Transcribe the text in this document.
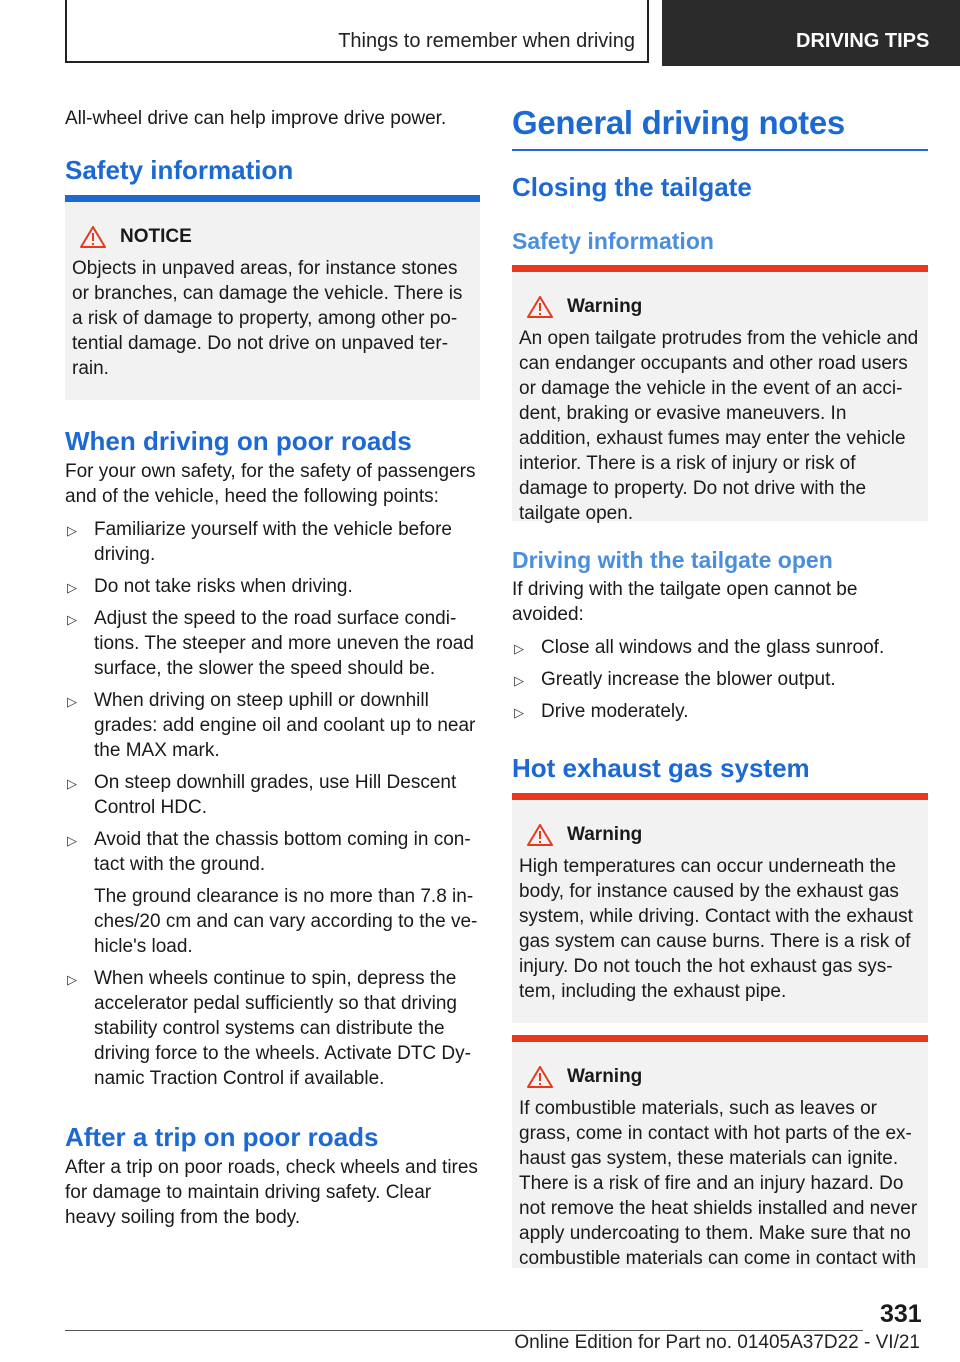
Things to remember when driving	DRIVING TIPS

All-wheel drive can help improve drive power.

Safety information
NOTICE

Objects in unpaved areas, for instance stones or branches, can damage the vehicle. There is a risk of damage to property, among other potential damage. Do not drive on unpaved terrain.

When driving on poor roads

For your own safety, for the safety of passengers and of the vehicle, heed the following points:

▷ Familiarize yourself with the vehicle before driving.
▷ Do not take risks when driving.
▷ Adjust the speed to the road surface conditions. The steeper and more uneven the road surface, the slower the speed should be.
▷ When driving on steep uphill or downhill grades: add engine oil and coolant up to near the MAX mark.
▷ On steep downhill grades, use Hill Descent Control HDC.
▷ Avoid that the chassis bottom coming in contact with the ground.
The ground clearance is no more than 7.8 inches/20 cm and can vary according to the vehicle's load.
▷ When wheels continue to spin, depress the accelerator pedal sufficiently so that driving stability control systems can distribute the driving force to the wheels. Activate DTC Dynamic Traction Control if available.
After a trip on poor roads

After a trip on poor roads, check wheels and tires for damage to maintain driving safety. Clear heavy soiling from the body.

General driving notes
Closing the tailgate
Safety information
Warning

An open tailgate protrudes from the vehicle and can endanger occupants and other road users or damage the vehicle in the event of an accident, braking or evasive maneuvers. In addition, exhaust fumes may enter the vehicle interior. There is a risk of injury or risk of damage to property. Do not drive with the tailgate open.

Driving with the tailgate open

If driving with the tailgate open cannot be avoided:

▷ Close all windows and the glass sunroof.
▷ Greatly increase the blower output.
▷ Drive moderately.
Hot exhaust gas system
Warning

High temperatures can occur underneath the body, for instance caused by the exhaust gas system, while driving. Contact with the exhaust gas system can cause burns. There is a risk of injury. Do not touch the hot exhaust gas system, including the exhaust pipe.

Warning

If combustible materials, such as leaves or grass, come in contact with hot parts of the exhaust gas system, these materials can ignite. There is a risk of fire and an injury hazard. Do not remove the heat shields installed and never apply undercoating to them. Make sure that no combustible materials can come in contact with

331
Online Edition for Part no. 01405A37D22 - VI/21
